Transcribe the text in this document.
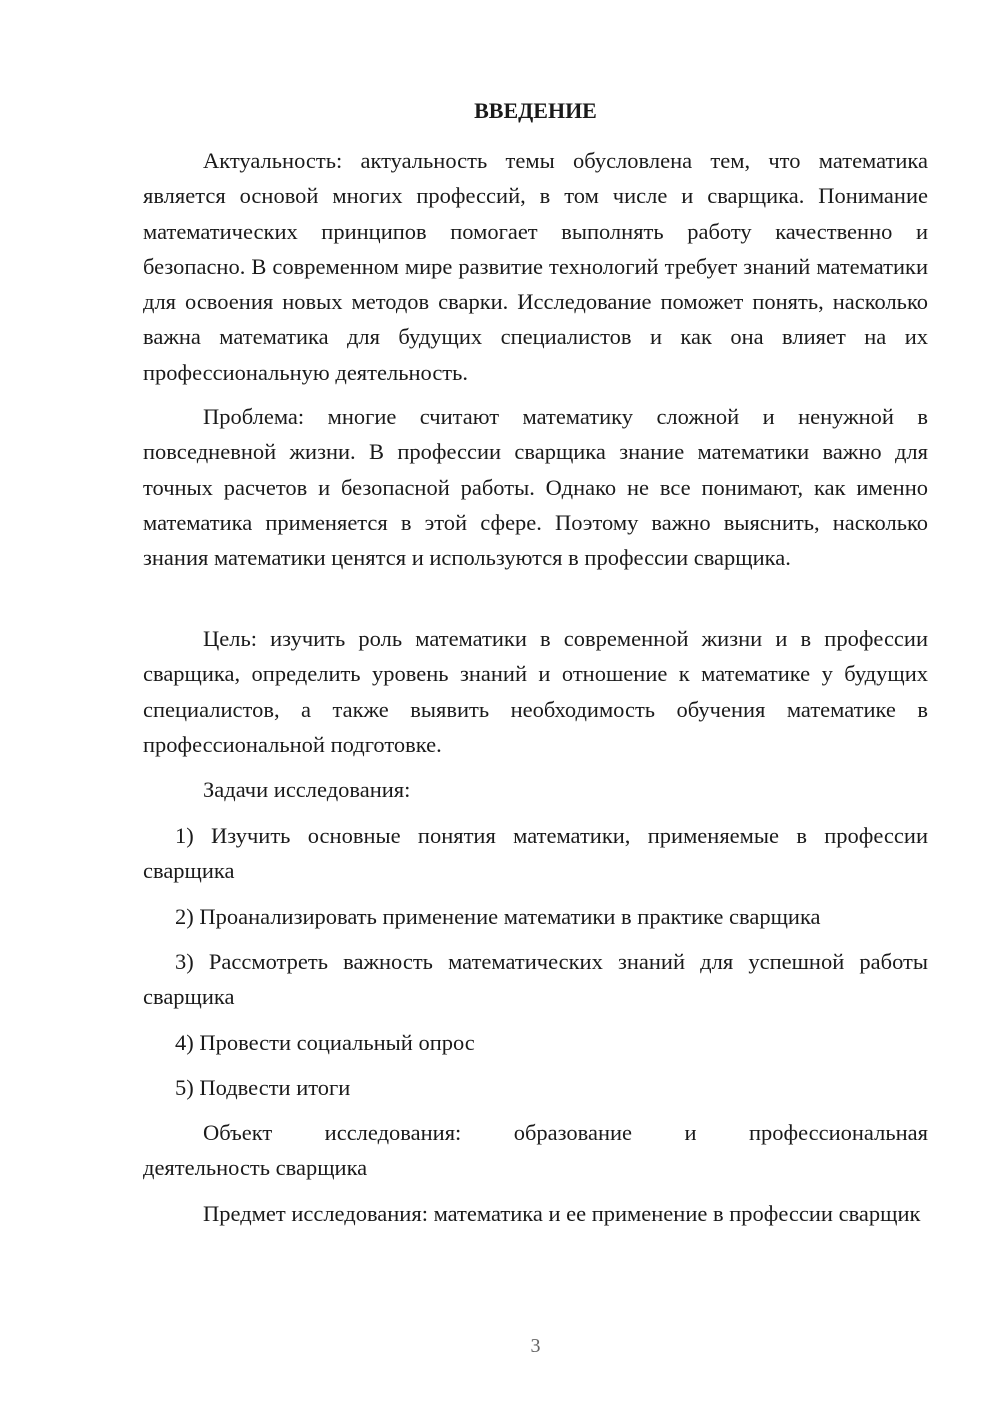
ВВЕДЕНИЕ

Актуальность: актуальность темы обусловлена тем, что математика является основой многих профессий, в том числе и сварщика. Понимание математических принципов помогает выполнять работу качественно и безопасно. В современном мире развитие технологий требует знаний математики для освоения новых методов сварки. Исследование поможет понять, насколько важна математика для будущих специалистов и как она влияет на их профессиональную деятельность.

Проблема: многие считают математику сложной и ненужной в повседневной жизни. В профессии сварщика знание математики важно для точных расчетов и безопасной работы. Однако не все понимают, как именно математика применяется в этой сфере. Поэтому важно выяснить, насколько знания математики ценятся и используются в профессии сварщика.

Цель: изучить роль математики в современной жизни и в профессии сварщика, определить уровень знаний и отношение к математике у будущих специалистов, а также выявить необходимость обучения математике в профессиональной подготовке.

Задачи исследования:

1) Изучить основные понятия математики, применяемые в профессии сварщика

2) Проанализировать применение математики в практике сварщика

3) Рассмотреть важность математических знаний для успешной работы сварщика

4) Провести социальный опрос

5) Подвести итоги

Объект исследования: образование и профессиональная

деятельность сварщика

Предмет исследования: математика и ее применение в профессии сварщик

3
